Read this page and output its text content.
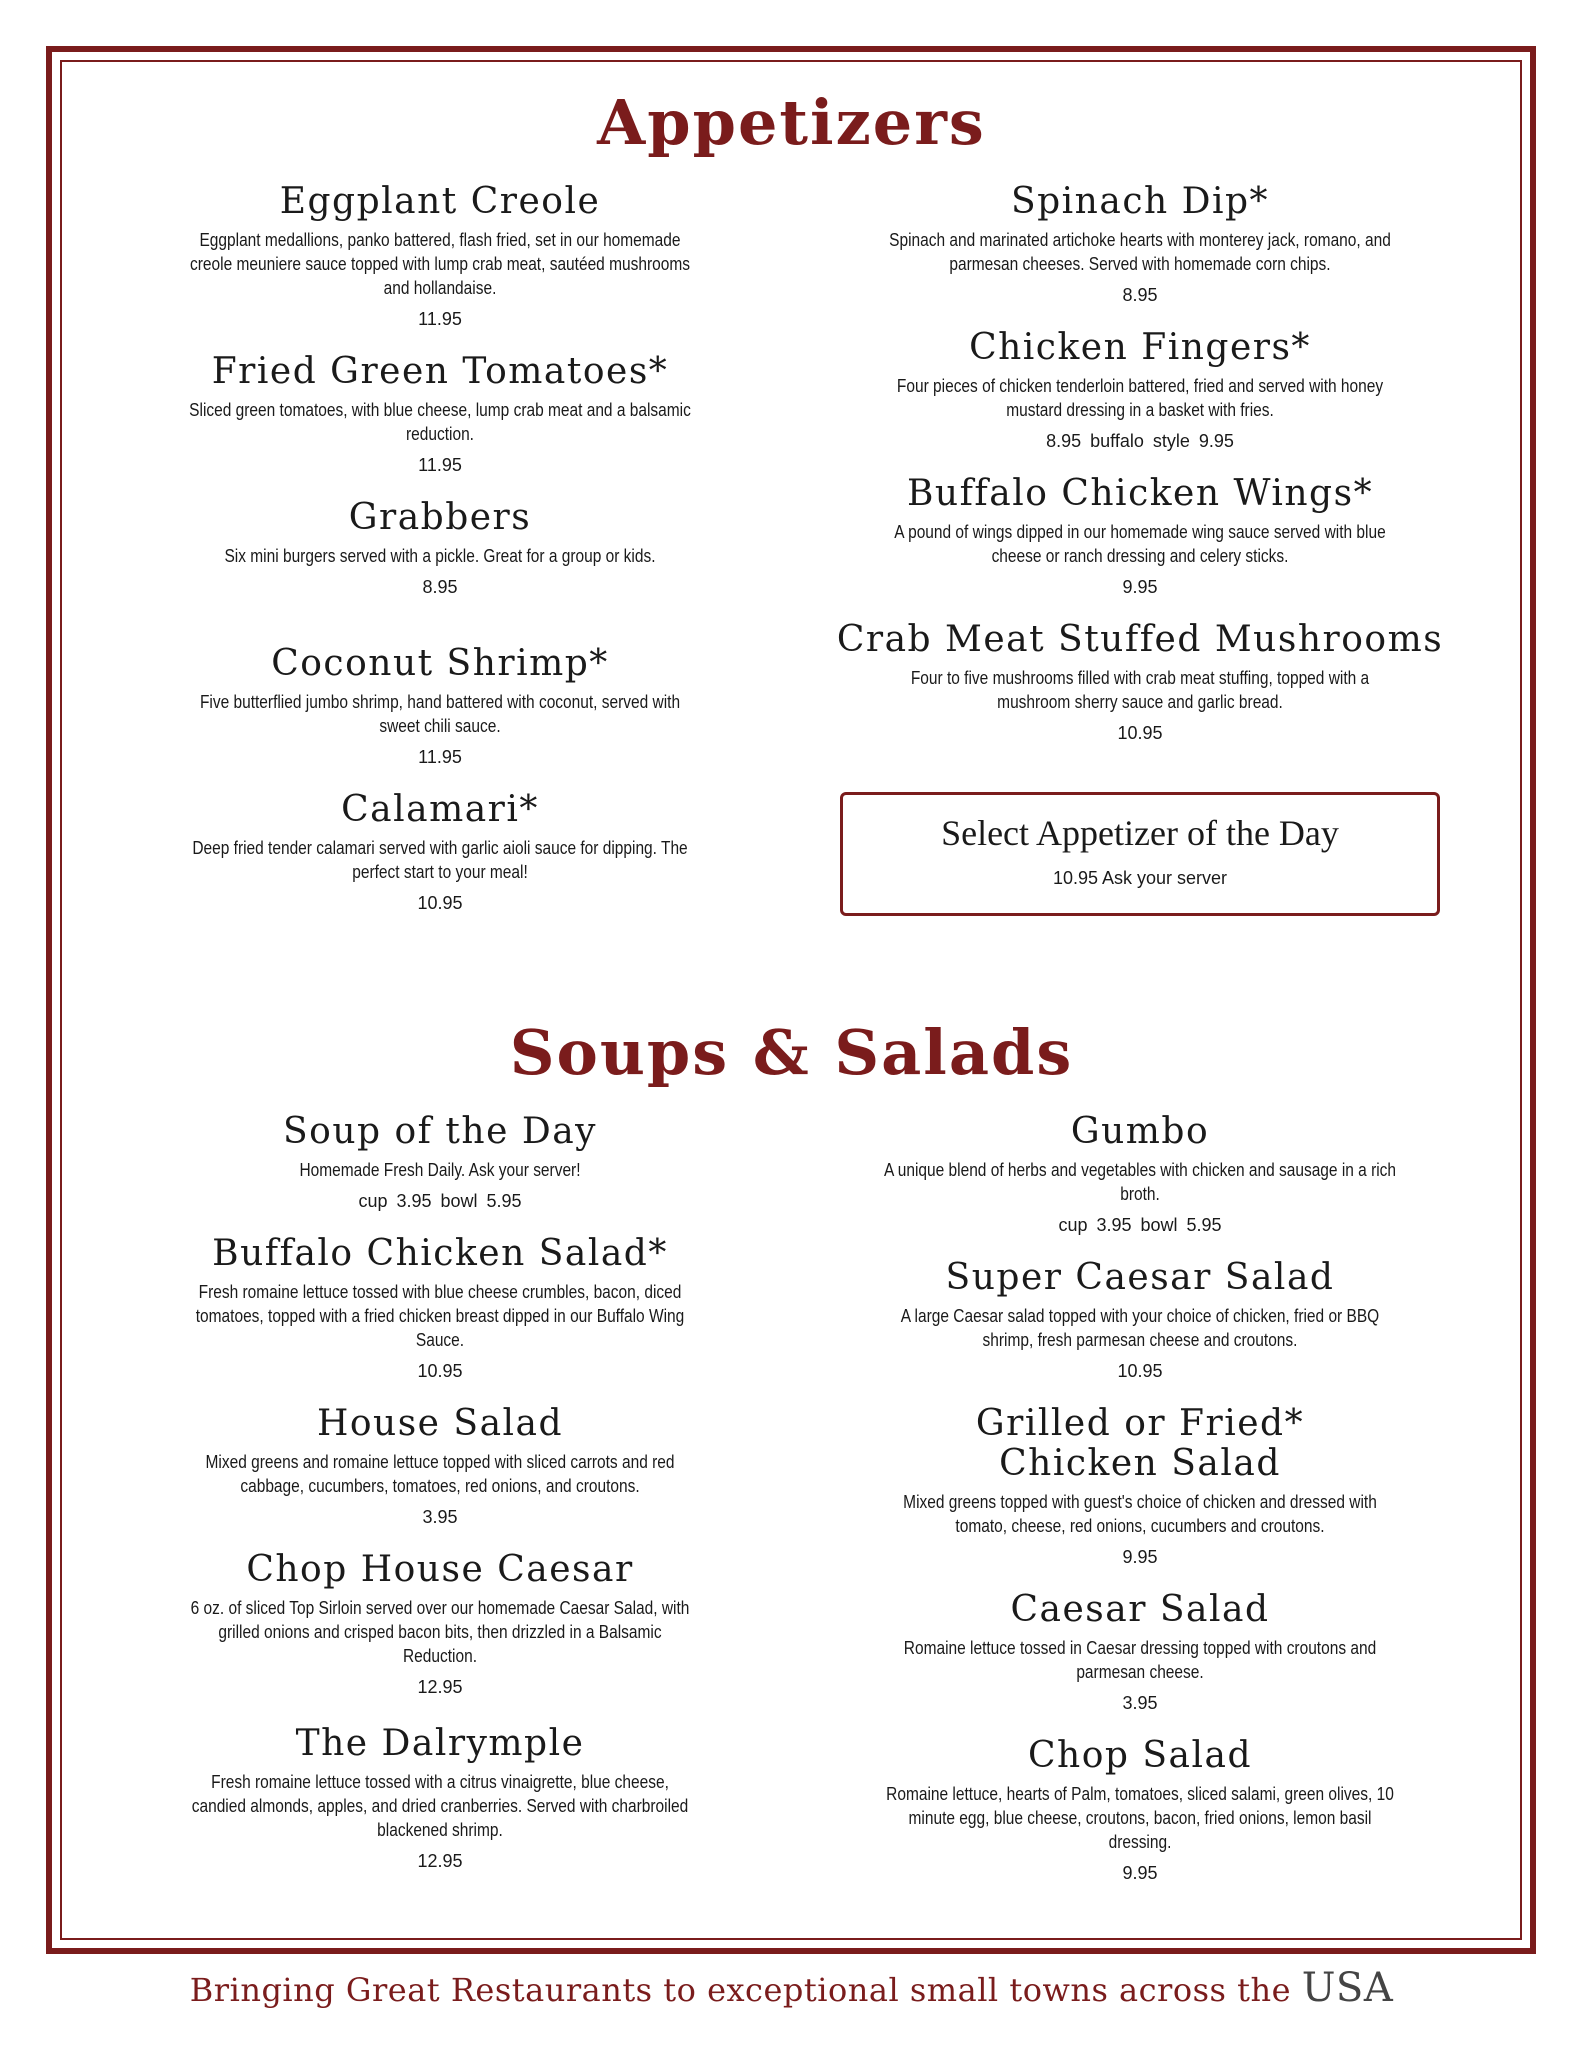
Appetizers

Eggplant Creole

Eggplant medallions, panko battered, flash fried, set in our homemade creole meuniere sauce topped with lump crab meat, sautéed mushrooms and hollandaise.

11.95

Fried Green Tomatoes*

Sliced green tomatoes, with blue cheese, lump crab meat and a balsamic reduction.

11.95

Grabbers

Six mini burgers served with a pickle. Great for a group or kids.

8.95

Coconut Shrimp*

Five butterflied jumbo shrimp, hand battered with coconut, served with sweet chili sauce.

11.95

Calamari*

Deep fried tender calamari served with garlic aioli sauce for dipping. The perfect start to your meal!

10.95

Spinach Dip*

Spinach and marinated artichoke hearts with monterey jack, romano, and parmesan cheeses. Served with homemade corn chips.

8.95

Chicken Fingers*

Four pieces of chicken tenderloin battered, fried and served with honey mustard dressing in a basket with fries.

8.95 buffalo style 9.95

Buffalo Chicken Wings*

A pound of wings dipped in our homemade wing sauce served with blue cheese or ranch dressing and celery sticks.

9.95

Crab Meat Stuffed Mushrooms

Four to five mushrooms filled with crab meat stuffing, topped with a mushroom sherry sauce and garlic bread.

10.95

Select Appetizer of the Day

10.95 Ask your server

Soups & Salads

Soup of the Day

Homemade Fresh Daily. Ask your server!

cup 3.95 bowl 5.95

Buffalo Chicken Salad*

Fresh romaine lettuce tossed with blue cheese crumbles, bacon, diced tomatoes, topped with a fried chicken breast dipped in our Buffalo Wing Sauce.

10.95

House Salad

Mixed greens and romaine lettuce topped with sliced carrots and red cabbage, cucumbers, tomatoes, red onions, and croutons.

3.95

Chop House Caesar

6 oz. of sliced Top Sirloin served over our homemade Caesar Salad, with grilled onions and crisped bacon bits, then drizzled in a Balsamic Reduction.

12.95

The Dalrymple

Fresh romaine lettuce tossed with a citrus vinaigrette, blue cheese, candied almonds, apples, and dried cranberries. Served with charbroiled blackened shrimp.

12.95

Gumbo

A unique blend of herbs and vegetables with chicken and sausage in a rich broth.

cup 3.95 bowl 5.95

Super Caesar Salad

A large Caesar salad topped with your choice of chicken, fried or BBQ shrimp, fresh parmesan cheese and croutons.

10.95

Grilled or Fried*
Chicken Salad

Mixed greens topped with guest's choice of chicken and dressed with tomato, cheese, red onions, cucumbers and croutons.

9.95

Caesar Salad

Romaine lettuce tossed in Caesar dressing topped with croutons and parmesan cheese.

3.95

Chop Salad

Romaine lettuce, hearts of Palm, tomatoes, sliced salami, green olives, 10 minute egg, blue cheese, croutons, bacon, fried onions, lemon basil dressing.

9.95

Bringing Great Restaurants to exceptional small towns across the USA
